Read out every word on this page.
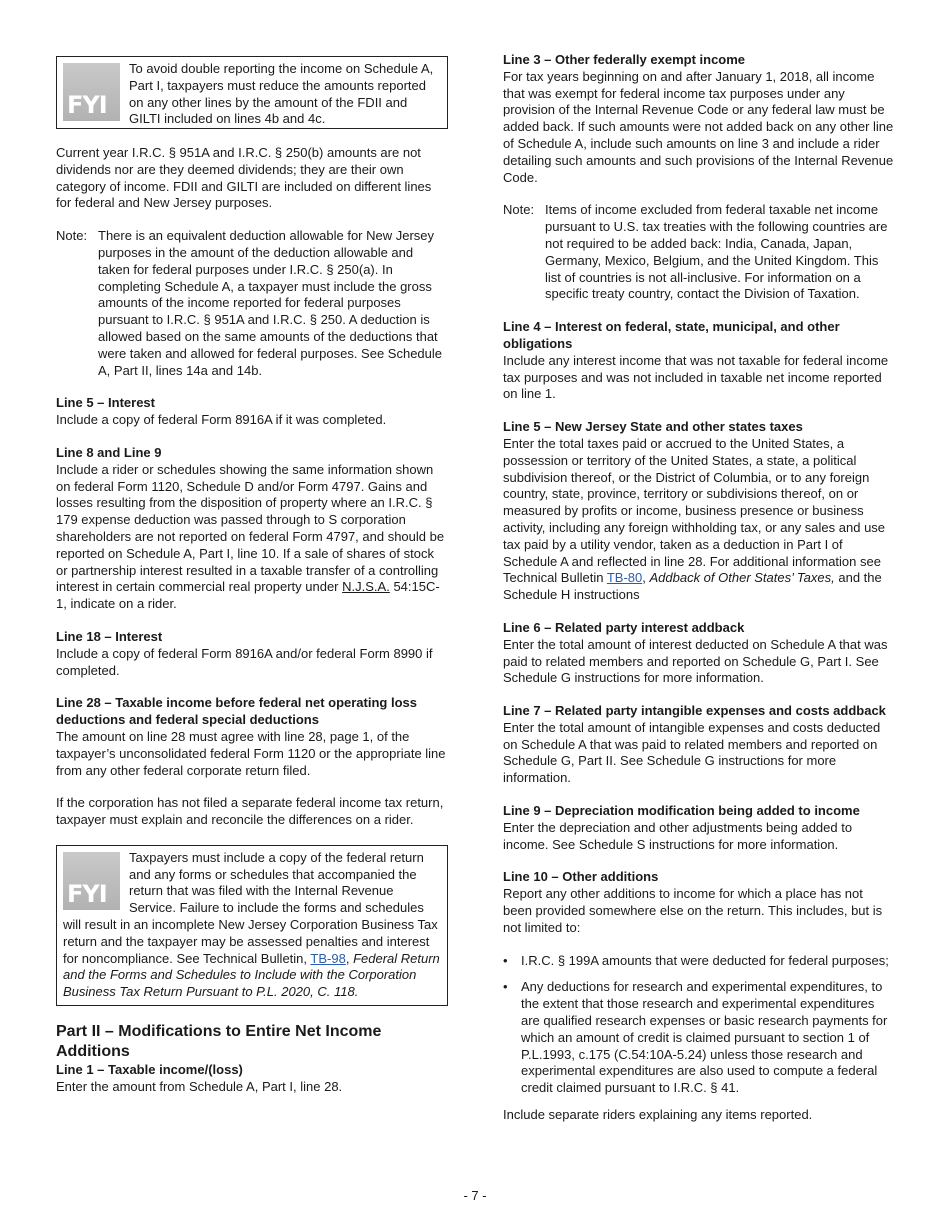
FYI

To avoid double reporting the income on Schedule A, Part I, taxpayers must reduce the amounts reported on any other lines by the amount of the FDII and GILTI included on lines 4b and 4c.

Current year I.R.C. § 951A and I.R.C. § 250(b) amounts are not dividends nor are they deemed dividends; they are their own category of income. FDII and GILTI are included on different lines for federal and New Jersey purposes.

Note: There is an equivalent deduction allowable for New Jersey purposes in the amount of the deduction allowable and taken for federal purposes under I.R.C. § 250(a). In completing Schedule A, a taxpayer must include the gross amounts of the income reported for federal purposes pursuant to I.R.C. § 951A and I.R.C. § 250. A deduction is allowed based on the same amounts of the deductions that were taken and allowed for federal purposes. See Schedule A, Part II, lines 14a and 14b.

Line 5 – Interest

Include a copy of federal Form 8916A if it was completed.

Line 8 and Line 9

Include a rider or schedules showing the same information shown on federal Form 1120, Schedule D and/or Form 4797. Gains and losses resulting from the disposition of property where an I.R.C. § 179 expense deduction was passed through to S corporation shareholders are not reported on federal Form 4797, and should be reported on Schedule A, Part I, line 10. If a sale of shares of stock or partnership interest resulted in a taxable transfer of a controlling interest in certain commercial real property under N.J.S.A. 54:15C-1, indicate on a rider.

Line 18 – Interest

Include a copy of federal Form 8916A and/or federal Form 8990 if completed.

Line 28 – Taxable income before federal net operating loss deductions and federal special deductions

The amount on line 28 must agree with line 28, page 1, of the taxpayer’s unconsolidated federal Form 1120 or the appropriate line from any other federal corporate return filed.

If the corporation has not filed a separate federal income tax return, taxpayer must explain and reconcile the differences on a rider.

FYI

Taxpayers must include a copy of the federal return and any forms or schedules that accompanied the return that was filed with the Internal Revenue Service. Failure to include the forms and schedules will result in an incomplete New Jersey Corporation Business Tax return and the taxpayer may be assessed penalties and interest for noncompliance. See Technical Bulletin, TB-98, Federal Return and the Forms and Schedules to Include with the Corporation Business Tax Return Pursuant to P.L. 2020, C. 118.

Part II – Modifications to Entire Net Income

Additions

Line 1 – Taxable income/(loss)

Enter the amount from Schedule A, Part I, line 28.

Line 3 – Other federally exempt income

For tax years beginning on and after January 1, 2018, all income that was exempt for federal income tax purposes under any provision of the Internal Revenue Code or any federal law must be added back. If such amounts were not added back on any other line of Schedule A, include such amounts on line 3 and include a rider detailing such amounts and such provisions of the Internal Revenue Code.

Note: Items of income excluded from federal taxable net income pursuant to U.S. tax treaties with the following countries are not required to be added back: India, Canada, Japan, Germany, Mexico, Belgium, and the United Kingdom. This list of countries is not all-inclusive. For information on a specific treaty country, contact the Division of Taxation.

Line 4 – Interest on federal, state, municipal, and other obligations

Include any interest income that was not taxable for federal income tax purposes and was not included in taxable net income reported on line 1.

Line 5 – New Jersey State and other states taxes

Enter the total taxes paid or accrued to the United States, a possession or territory of the United States, a state, a political subdivision thereof, or the District of Columbia, or to any foreign country, state, province, territory or subdivisions thereof, on or measured by profits or income, business presence or business activity, including any foreign withholding tax, or any sales and use tax paid by a utility vendor, taken as a deduction in Part I of Schedule A and reflected in line 28. For additional information see Technical Bulletin TB-80, Addback of Other States’ Taxes, and the Schedule H instructions

Line 6 – Related party interest addback

Enter the total amount of interest deducted on Schedule A that was paid to related members and reported on Schedule G, Part I. See Schedule G instructions for more information.

Line 7 – Related party intangible expenses and costs addback

Enter the total amount of intangible expenses and costs deducted on Schedule A that was paid to related members and reported on Schedule G, Part II. See Schedule G instructions for more information.

Line 9 – Depreciation modification being added to income

Enter the depreciation and other adjustments being added to income. See Schedule S instructions for more information.

Line 10 – Other additions

Report any other additions to income for which a place has not been provided somewhere else on the return. This includes, but is not limited to:

•	I.R.C. § 199A amounts that were deducted for federal purposes;
•	Any deductions for research and experimental expenditures, to the extent that those research and experimental expenditures are qualified research expenses or basic research payments for which an amount of credit is claimed pursuant to section 1 of P.L.1993, c.175 (C.54:10A-5.24) unless those research and experimental expenditures are also used to compute a federal credit claimed pursuant to I.R.C. § 41.

Include separate riders explaining any items reported.

- 7 -
